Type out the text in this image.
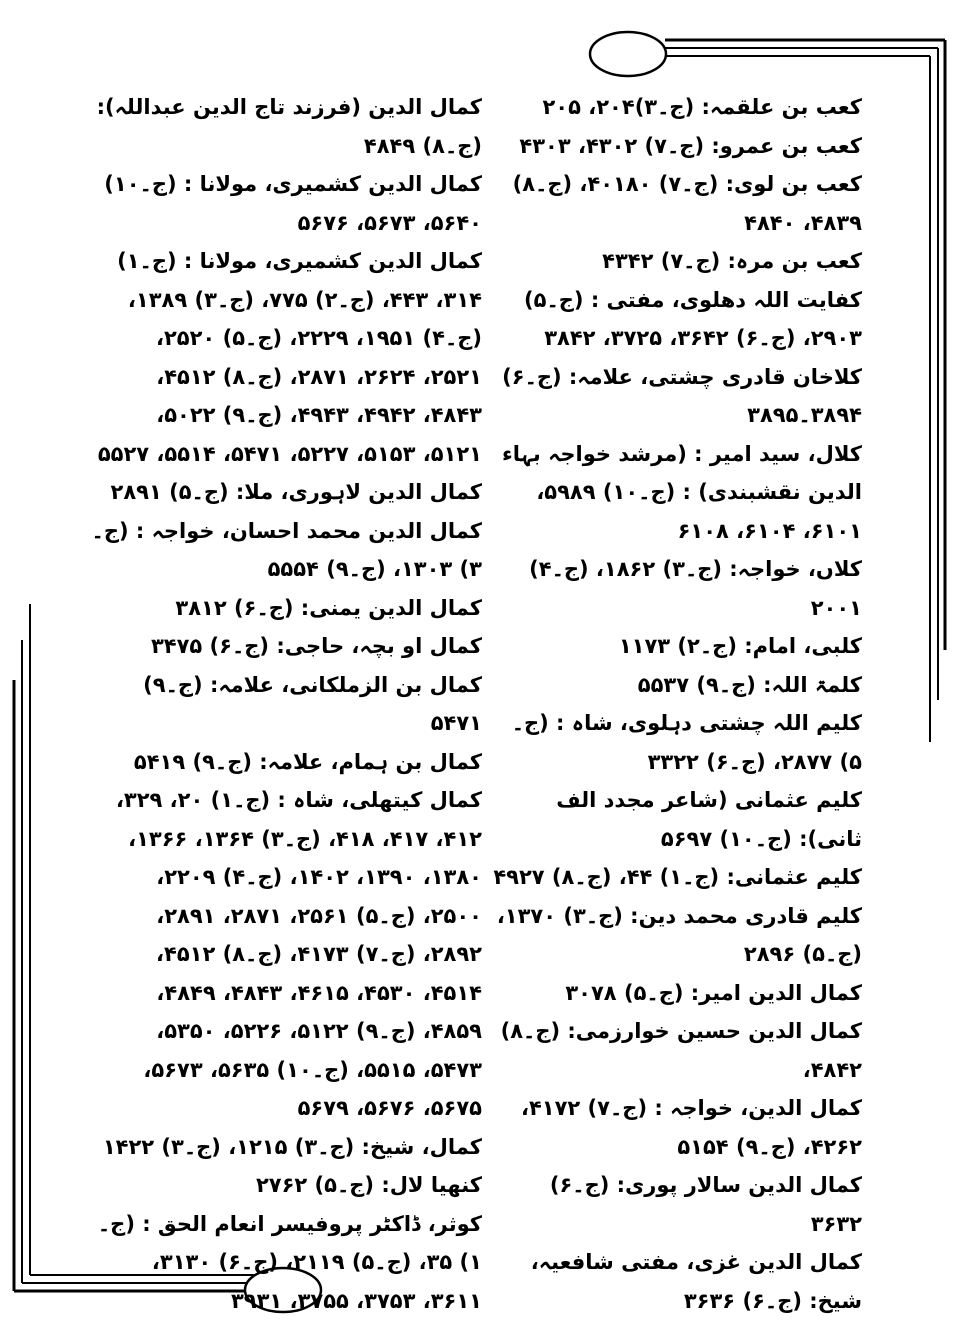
کعب بن علقمہ: (ج۔۳)۲۰۴، ۲۰۵

کعب بن عمرو: (ج۔۷) ۴۳۰۲، ۴۳۰۳

کعب بن لوی: (ج۔۷) ۴۰۱۸۰، (ج۔۸) ۴۸۳۹، ۴۸۴۰

کعب بن مرہ: (ج۔۷) ۴۳۴۲

کفایت اللہ دھلوی، مفتی : (ج۔۵) ۲۹۰۳، (ج۔۶) ۳۶۴۲، ۳۷۲۵، ۳۸۴۲

کلاخان قادری چشتی، علامہ: (ج۔۶) ۳۸۹۴۔۳۸۹۵

کلال، سید امیر : (مرشد خواجہ بہاء الدین نقشبندی) : (ج۔۱۰) ۵۹۸۹، ۶۱۰۱، ۶۱۰۴، ۶۱۰۸

کلاں، خواجہ: (ج۔۳) ۱۸۶۲، (ج۔۴) ۲۰۰۱

کلبی، امام: (ج۔۲) ۱۱۷۳

کلمۃ اللہ: (ج۔۹) ۵۵۳۷

کلیم اللہ چشتی دہلوی، شاہ : (ج۔۵) ۲۸۷۷، (ج۔۶) ۳۳۲۲

کلیم عثمانی (شاعر مجدد الف ثانی): (ج۔۱۰) ۵۶۹۷

کلیم عثمانی: (ج۔۱) ۴۴، (ج۔۸) ۴۹۲۷

کلیم قادری محمد دین: (ج۔۳) ۱۳۷۰، (ج۔۵) ۲۸۹۶

کمال الدین امیر: (ج۔۵) ۳۰۷۸

کمال الدین حسین خوارزمی: (ج۔۸) ۴۸۴۲،

کمال الدین، خواجہ : (ج۔۷) ۴۱۷۲، ۴۲۶۲، (ج۔۹) ۵۱۵۴

کمال الدین سالار پوری: (ج۔۶) ۳۶۳۲

کمال الدین غزی، مفتی شافعیہ، شیخ: (ج۔۶) ۳۶۳۶

کمال الدین (فرزند تاج الدین عبداللہ): (ج۔۸) ۴۸۴۹

کمال الدین کشمیری، مولانا : (ج۔۱۰) ۵۶۴۰، ۵۶۷۳، ۵۶۷۶

کمال الدین کشمیری، مولانا : (ج۔۱) ۳۱۴، ۴۴۳، (ج۔۲) ۷۷۵، (ج۔۳) ۱۳۸۹، (ج۔۴) ۱۹۵۱، ۲۲۲۹، (ج۔۵) ۲۵۲۰، ۲۵۲۱، ۲۶۲۴، ۲۸۷۱، (ج۔۸) ۴۵۱۲، ۴۸۴۳، ۴۹۴۲، ۴۹۴۳، (ج۔۹) ۵۰۲۲، ۵۱۲۱، ۵۱۵۳، ۵۲۲۷، ۵۴۷۱، ۵۵۱۴، ۵۵۲۷

کمال الدین لاہوری، ملا: (ج۔۵) ۲۸۹۱

کمال الدین محمد احسان، خواجہ : (ج۔۳) ۱۳۰۳، (ج۔۹) ۵۵۵۴

کمال الدین یمنی: (ج۔۶) ۳۸۱۲

کمال او بچہ، حاجی: (ج۔۶) ۳۴۷۵

کمال بن الزملکانی، علامہ: (ج۔۹) ۵۴۷۱

کمال بن ہمام، علامہ: (ج۔۹) ۵۴۱۹

کمال کیتھلی، شاہ : (ج۔۱) ۲۰، ۳۲۹، ۴۱۲، ۴۱۷، ۴۱۸، (ج۔۳) ۱۳۶۴، ۱۳۶۶، ۱۳۸۰، ۱۳۹۰، ۱۴۰۲، (ج۔۴) ۲۲۰۹، ۲۵۰۰، (ج۔۵) ۲۵۶۱، ۲۸۷۱، ۲۸۹۱، ۲۸۹۲، (ج۔۷) ۴۱۷۳، (ج۔۸) ۴۵۱۲، ۴۵۱۴، ۴۵۳۰، ۴۶۱۵، ۴۸۴۳، ۴۸۴۹، ۴۸۵۹، (ج۔۹) ۵۱۲۲، ۵۲۲۶، ۵۳۵۰، ۵۴۷۳، ۵۵۱۵، (ج۔۱۰) ۵۶۳۵، ۵۶۷۳، ۵۶۷۵، ۵۶۷۶، ۵۶۷۹

کمال، شیخ: (ج۔۳) ۱۲۱۵، (ج۔۳) ۱۴۲۲

کنھیا لال: (ج۔۵) ۲۷۶۲

کوثر، ڈاکٹر پروفیسر انعام الحق : (ج۔۱) ۳۵، (ج۔۵) ۲۱۱۹، (ج۔۶) ۳۱۳۰، ۳۶۱۱، ۳۷۵۳، ۳۷۵۵، ۳۹۳۱
